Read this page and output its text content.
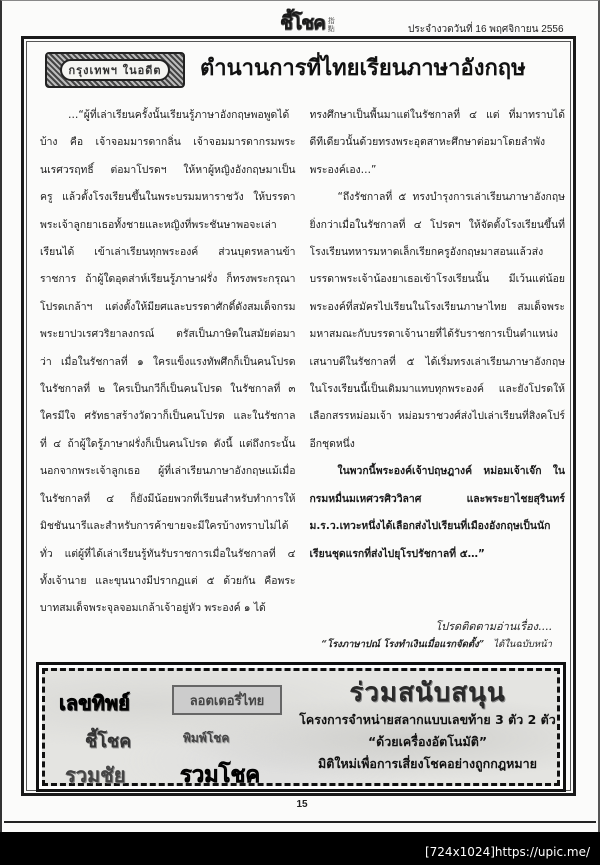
ชี้โชค 指
點	ประจำงวดวันที่ 16 พฤศจิกายน 2556
กรุงเทพฯ ในอดีต	ตำนานการที่ไทยเรียนภาษาอังกฤษ
…“ผู้ที่เล่าเรียนครั้งนั้นเรียนรู้ภาษาอังกฤษพอพูดได้
บ้าง คือ เจ้าจอมมารดากลิ่น เจ้าจอมมารดากรมพระ
นเรศวรฤทธิ์ ต่อมาโปรดฯ ให้หาผู้หญิงอังกฤษมาเป็น
ครู แล้วตั้งโรงเรียนขึ้นในพระบรมมหาราชวัง ให้บรรดา
พระเจ้าลูกยาเธอทั้งชายและหญิงที่พระชันษาพอจะเล่า
เรียนได้ เข้าเล่าเรียนทุกพระองค์ ส่วนบุตรหลานข้า
ราชการ ถ้าผู้ใดอุตส่าห์เรียนรู้ภาษาฝรั่ง ก็ทรงพระกรุณา
โปรดเกล้าฯ แต่งตั้งให้มียศและบรรดาศักดิ์ดังสมเด็จกรม
พระยาปวเรศวริยาลงกรณ์ ตรัสเป็นภาษิตในสมัยต่อมา
ว่า เมื่อในรัชกาลที่ ๑ ใครแข็งแรงทัพศึกก็เป็นคนโปรด
ในรัชกาลที่ ๒ ใครเป็นกวีก็เป็นคนโปรด ในรัชกาลที่ ๓
ใครมีใจ ศรัทธาสร้างวัดวาก็เป็นคนโปรด และในรัชกาล
ที่ ๔ ถ้าผู้ใดรู้ภาษาฝรั่งก็เป็นคนโปรด ดังนี้ แต่ถึงกระนั้น
นอกจากพระเจ้าลูกเธอ ผู้ที่เล่าเรียนภาษาอังกฤษแม้เมื่อ
ในรัชกาลที่ ๔ ก็ยังมีน้อยพวกที่เรียนสำหรับทำการให้
มิชชันนารีและสำหรับการค้าขายจะมีใครบ้างทราบไม่ได้
ทั่ว แต่ผู้ที่ได้เล่าเรียนรู้ทันรับราชการเมื่อในรัชกาลที่ ๔
ทั้งเจ้านาย และขุนนางมีปรากฏแต่ ๕ ด้วยกัน คือพระ
บาทสมเด็จพระจุลจอมเกล้าเจ้าอยู่หัว พระองค์ ๑ ได้
ทรงศึกษาเป็นพื้นมาแต่ในรัชกาลที่ ๔ แต่ ที่มาทราบได้
ดีทีเดียวนั้นด้วยทรงพระอุตสาหะศึกษาต่อมาโดยลำพัง
พระองค์เอง…”
“ถึงรัชกาลที่ ๕ ทรงบำรุงการเล่าเรียนภาษาอังกฤษ
ยิ่งกว่าเมื่อในรัชกาลที่ ๔ โปรดฯ ให้จัดตั้งโรงเรียนขึ้นที่
โรงเรียนทหารมหาดเล็กเรียกครูอังกฤษมาสอนแล้วส่ง
บรรดาพระเจ้าน้องยาเธอเข้าโรงเรียนนั้น มีเว้นแต่น้อย
พระองค์ที่สมัครไปเรียนในโรงเรียนภาษาไทย สมเด็จพระ
มหาสมณะกับบรรดาเจ้านายที่ได้รับราชการเป็นตำแหน่ง
เสนาบดีในรัชกาลที่ ๕ ได้เริ่มทรงเล่าเรียนภาษาอังกฤษ
ในโรงเรียนนี้เป็นเดิมมาแทบทุกพระองค์ และยังโปรดให้
เลือกสรรหม่อมเจ้า หม่อมราชวงศ์ส่งไปเล่าเรียนที่สิงคโปร์
อีกชุดหนึ่ง
ในพวกนี้พระองค์เจ้าปฤษฎางค์ หม่อมเจ้าเจ๊ก ใน
กรมหมื่นมเหศวรศิววิลาศ และพระยาไชยสุรินทร์
ม.ร.ว.เทวะหนึ่งได้เลือกส่งไปเรียนที่เมืองอังกฤษเป็นนัก
เรียนชุดแรกที่ส่งไปยุโรปรัชกาลที่ ๕…”
โปรดติดตามอ่านเรื่อง....
“โรงภาษาปณ์ โรงทำเงินเมื่อแรกจัดตั้ง” ได้ในฉบับหน้า
เลขทิพย์	ลอตเตอรี่ไทย
ชี้โชค	พิมพ์โชค
รวมชัย รวมโชค
ร่วมสนับสนุน
โครงการจำหน่ายสลากแบบเลขท้าย 3 ตัว 2 ตัว
“ด้วยเครื่องอัตโนมัติ”
มิติใหม่เพื่อการเสี่ยงโชคอย่างถูกกฎหมาย
15
[724x1024]https://upic.me/
